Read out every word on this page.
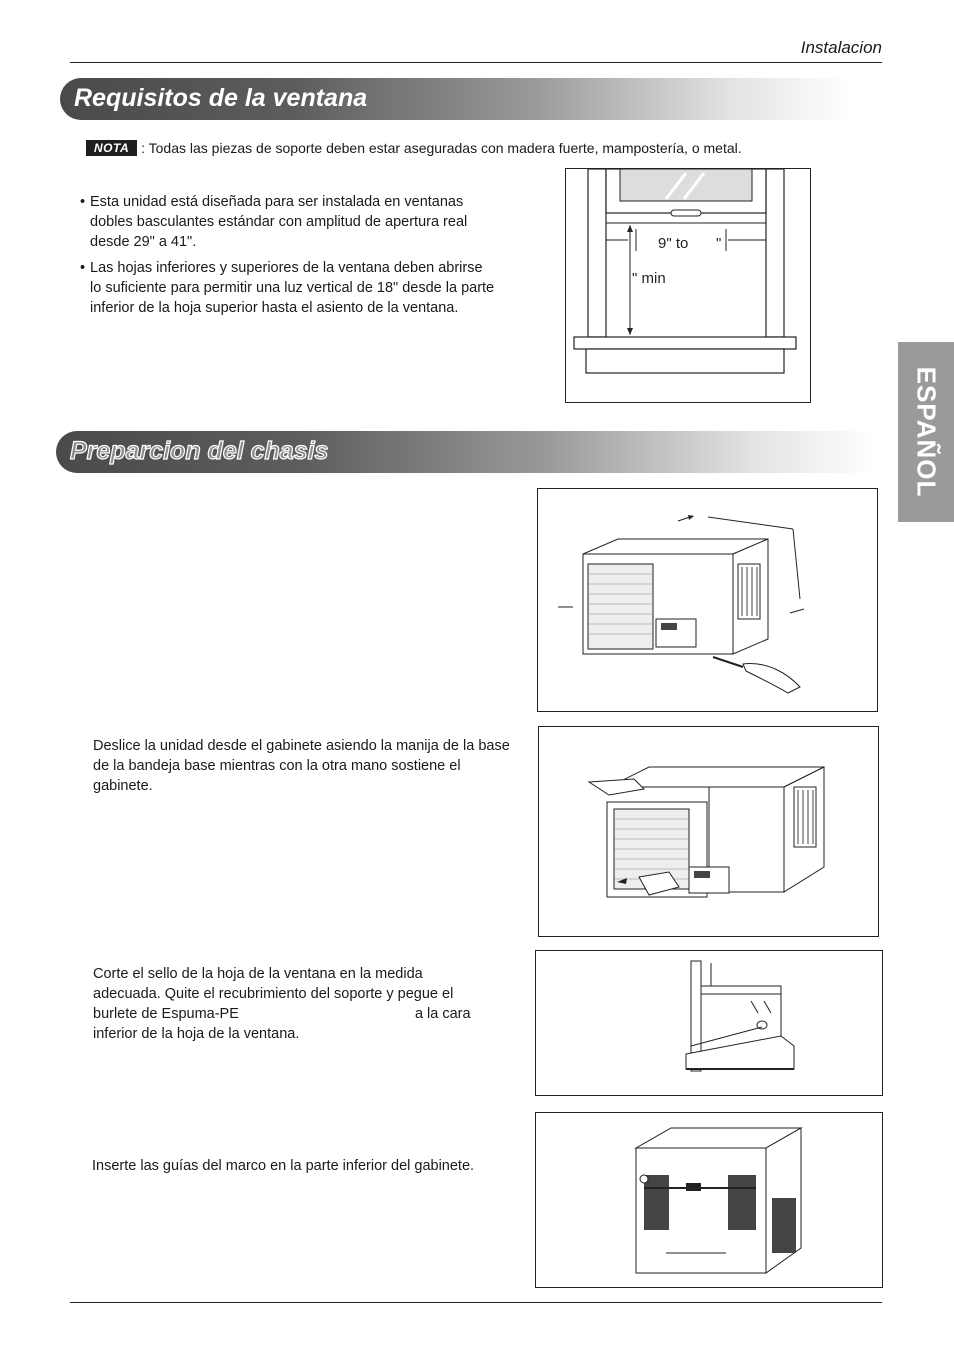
Instalacion
ESPAÑOL
Requisitos de la ventana
NOTA : Todas las piezas de soporte deben estar aseguradas con madera fuerte, mampostería, o metal.
• Esta unidad está diseñada para ser instalada en ventanas dobles basculantes estándar con amplitud de apertura real desde 29" a 41".
• Las hojas inferiores y superiores de la ventana deben abrirse lo suficiente para permitir una luz vertical de 18" desde la parte inferior de la hoja superior hasta el asiento de la ventana.
9" to "
" min
Preparcion del chasis
Deslice la unidad desde el gabinete asiendo la manija de la base de la bandeja base mientras con la otra mano sostiene el gabinete.
Corte el sello de la hoja de la ventana en la medida
adecuada. Quite el recubrimiento del soporte y pegue el
burlete de Espuma-PE	a la cara
inferior de la hoja de la ventana.
Inserte las guías del marco en la parte inferior del gabinete.
